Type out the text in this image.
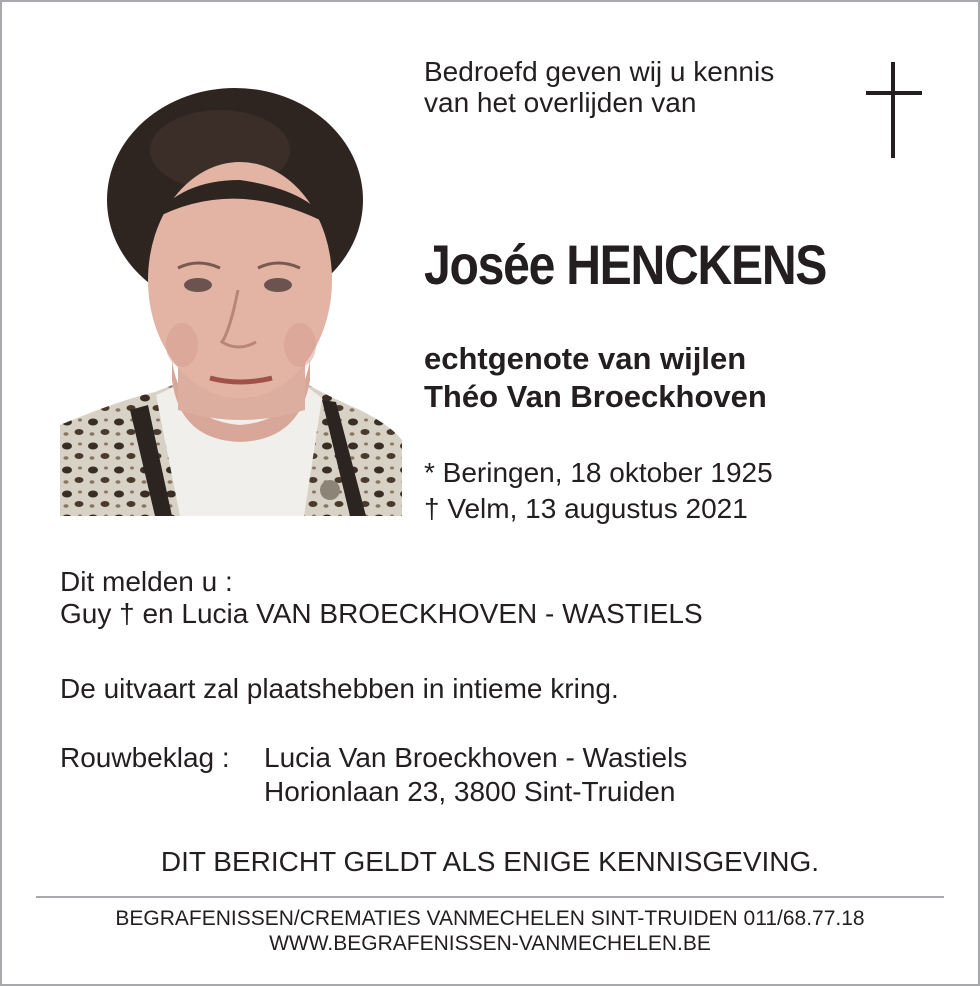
Bedroefd geven wij u kennis
van het overlijden van
Josée HENCKENS
echtgenote van wijlen
Théo Van Broeckhoven
* Beringen, 18 oktober 1925
† Velm, 13 augustus 2021
Dit melden u :
Guy † en Lucia VAN BROECKHOVEN - WASTIELS
De uitvaart zal plaatshebben in intieme kring.
Rouwbeklag : Lucia Van Broeckhoven - Wastiels
Horionlaan 23, 3800 Sint-Truiden
DIT BERICHT GELDT ALS ENIGE KENNISGEVING.
BEGRAFENISSEN/CREMATIES VANMECHELEN SINT-TRUIDEN 011/68.77.18
WWW.BEGRAFENISSEN-VANMECHELEN.BE
